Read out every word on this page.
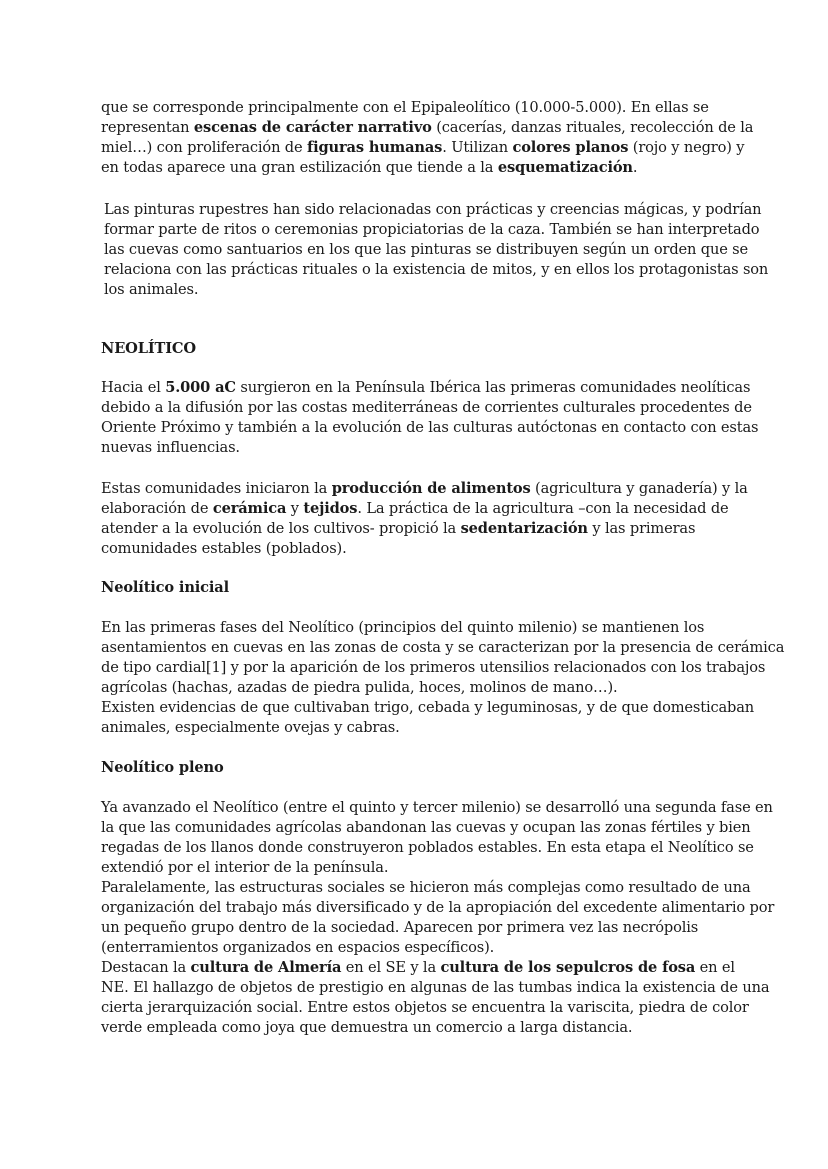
que se corresponde principalmente con el Epipaleolítico (10.000-5.000). En ellas se
representan escenas de carácter narrativo (cacerías, danzas rituales, recolección de la
miel…) con proliferación de figuras humanas. Utilizan colores planos (rojo y negro) y
en todas aparece una gran estilización que tiende a la esquematización.
Las pinturas rupestres han sido relacionadas con prácticas y creencias mágicas, y podrían
formar parte de ritos o ceremonias propiciatorias de la caza. También se han interpretado
las cuevas como santuarios en los que las pinturas se distribuyen según un orden que se
relaciona con las prácticas rituales o la existencia de mitos, y en ellos los protagonistas son
los animales.
NEOLÍTICO
Hacia el 5.000 aC surgieron en la Península Ibérica las primeras comunidades neolíticas
debido a la difusión por las costas mediterráneas de corrientes culturales procedentes de
Oriente Próximo y también a la evolución de las culturas autóctonas en contacto con estas
nuevas influencias.
Estas comunidades iniciaron la producción de alimentos (agricultura y ganadería) y la
elaboración de cerámica y tejidos. La práctica de la agricultura –con la necesidad de
atender a la evolución de los cultivos- propició la sedentarización y las primeras
comunidades estables (poblados).
Neolítico inicial
En las primeras fases del Neolítico (principios del quinto milenio) se mantienen los
asentamientos en cuevas en las zonas de costa y se caracterizan por la presencia de cerámica
de tipo cardial[1] y por la aparición de los primeros utensilios relacionados con los trabajos
agrícolas (hachas, azadas de piedra pulida, hoces, molinos de mano…).
Existen evidencias de que cultivaban trigo, cebada y leguminosas, y de que domesticaban
animales, especialmente ovejas y cabras.
Neolítico pleno
Ya avanzado el Neolítico (entre el quinto y tercer milenio) se desarrolló una segunda fase en
la que las comunidades agrícolas abandonan las cuevas y ocupan las zonas fértiles y bien
regadas de los llanos donde construyeron poblados estables. En esta etapa el Neolítico se
extendió por el interior de la península.
Paralelamente, las estructuras sociales se hicieron más complejas como resultado de una
organización del trabajo más diversificado y de la apropiación del excedente alimentario por
un pequeño grupo dentro de la sociedad. Aparecen por primera vez las necrópolis
(enterramientos organizados en espacios específicos).
Destacan la cultura de Almería en el SE y la cultura de los sepulcros de fosa en el
NE. El hallazgo de objetos de prestigio en algunas de las tumbas indica la existencia de una
cierta jerarquización social. Entre estos objetos se encuentra la variscita, piedra de color
verde empleada como joya que demuestra un comercio a larga distancia.
